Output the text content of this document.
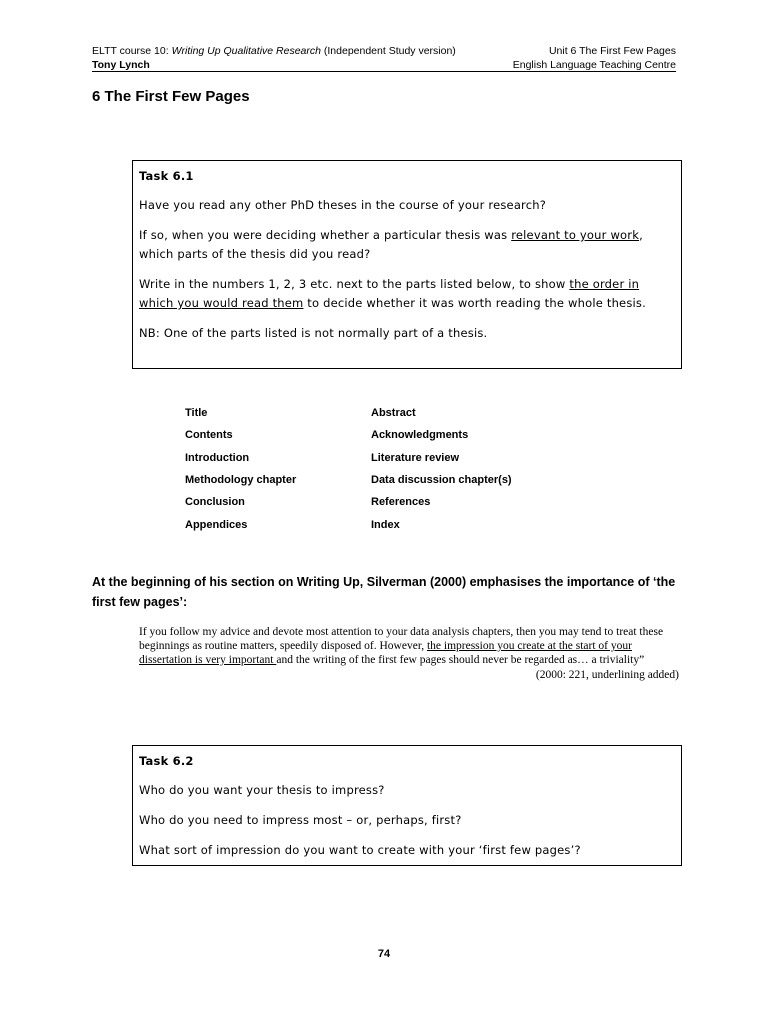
ELTT course 10: Writing Up Qualitative Research (Independent Study version)	Unit 6 The First Few Pages
Tony Lynch	English Language Teaching Centre
6 The First Few Pages
Task 6.1

Have you read any other PhD theses in the course of your research?

If so, when you were deciding whether a particular thesis was relevant to your work, which parts of the thesis did you read?

Write in the numbers 1, 2, 3 etc. next to the parts listed below, to show the order in which you would read them to decide whether it was worth reading the whole thesis.

NB: One of the parts listed is not normally part of a thesis.

Title	Abstract
Contents	Acknowledgments
Introduction	Literature review
Methodology chapter	Data discussion chapter(s)
Conclusion	References
Appendices	Index
At the beginning of his section on Writing Up, Silverman (2000) emphasises the importance of ‘the first few pages’:
If you follow my advice and devote most attention to your data analysis chapters, then you may tend to treat these beginnings as routine matters, speedily disposed of. However, the impression you create at the start of your dissertation is very important and the writing of the first few pages should never be regarded as… a triviality”
(2000: 221, underlining added)
Task 6.2

Who do you want your thesis to impress?

Who do you need to impress most – or, perhaps, first?

What sort of impression do you want to create with your ‘first few pages’?

74
